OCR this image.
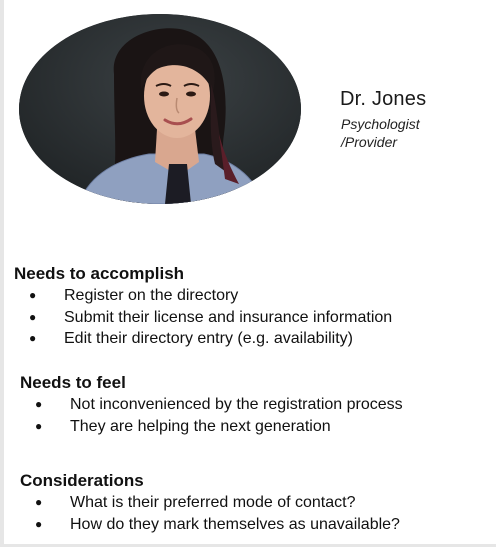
Dr. Jones
Psychologist /Provider
Needs to accomplish
● Register on the directory
● Submit their license and insurance information
● Edit their directory entry (e.g. availability)
Needs to feel
● Not inconvenienced by the registration process
● They are helping the next generation
Considerations
● What is their preferred mode of contact?
● How do they mark themselves as unavailable?
